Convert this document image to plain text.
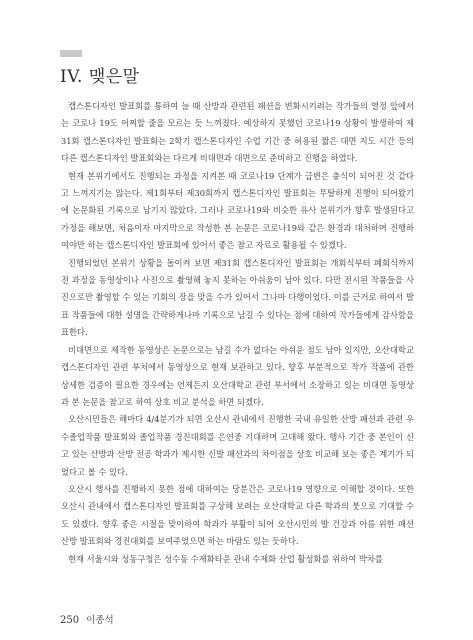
IV. 맺은말

캡스톤디자인 발표회를 통하여 늘 때 산방과 관련된 패션을 변화시키려는 작가들의 열정 앞에서는 코로나 19도 어찌할 줄을 모르는 듯 느껴졌다. 예상하지 못했던 코로나19 상황이 발생하여 제31회 캡스톤디자인 발표회는 2학기 캡스톤디자인 수업 기간 중 허용된 짧은 대면 지도 시간 등의 다른 캡스톤디자인 발표회와는 다르게 비대면과 대면으로 준비하고 진행을 하였다.

현재 본위기에서도 진행되는 과정을 지켜본 때 코로나19 단계가 급변은 충식이 되어진 것 같다고 느껴지기는 않는다. 제1회부터 제30회까지 캡스톤디자인 발표회는 무탈하게 진행이 되어왔기에 논문화된 기록으로 남기지 않았다. 그러나 코로나19와 비슷한 유사 분위기가 향후 발생된다고 가정을 해보면, 처음이자 마지막으로 작성한 본 논문은 코로나19와 같은 환경과 대처하며 진행하여야만 하는 캡스톤디자인 발표회에 있어서 좋은 참고 자료로 활용될 수 있겠다.

진행되었던 본위기 상황을 돌이켜 보면 제31회 캡스톤디자인 발표회는 개회식부터 폐회식까지 전 과정을 동영상이나 사진으로 촬영해 놓지 못하는 아쉬움이 남아 있다. 다만 전시된 작품들을 사진으로만 촬영할 수 있는 기회의 장을 맞을 수가 있어서 그나마 다행이었다. 이를 근거로 하여서 발표 작품들에 대한 설명을 간략하게나마 기록으로 남길 수 있다는 점에 대하여 작가들에게 감사함을 표한다.

비대면으로 제작한 동영상은 논문으로는 남길 수가 없다는 아쉬운 점도 남아 있지만, 오산대학교 캡스톤디자인 관련 부처에서 동영상으로 현재 보관하고 있다. 향후 부분적으로 작가 작품에 관한 상세한 검증이 필요한 경우에는 언제든지 오산대학교 관련 부서에서 소장하고 있는 비대면 동영상과 본 논문을 참고로 하여 상호 비교 분석을 하면 되겠다.

오산시민들은 해마다 4/4분기가 되면 오산시 관내에서 진행한 국내 유일한 산방 패션과 관련 우수졸업작품 발표회와 졸업작품 경진대회를 은연중 기대하며 고대해 왔다. 행사 기간 중 본인이 신고 있는 산방과 산방 전공 학과가 제시한 신발 패션과의 차이점을 상호 비교해 보는 좋은 계기가 되었다고 볼 수 있다.

오산시 행사를 진행하지 못한 점에 대하여는 당분간은 코로나19 영향으로 이해할 것이다. 또한 오산시 관내에서 캡스톤디자인 발표회를 구상해 보려는 오산대학교 다른 학과의 붓으로 기대할 수도 있겠다. 향후 좋은 시절을 맞이하여 학과가 부활이 되어 오산시민의 발 건강과 아름 위한 패션 산방 발표회와 경진대회를 보여주었으면 하는 바람도 있는 듯하다.

현재 서울시와 성동구청은 성수동 수제화타운 관내 수제화 산업 활성화를 위하여 박차를

250 이종석
